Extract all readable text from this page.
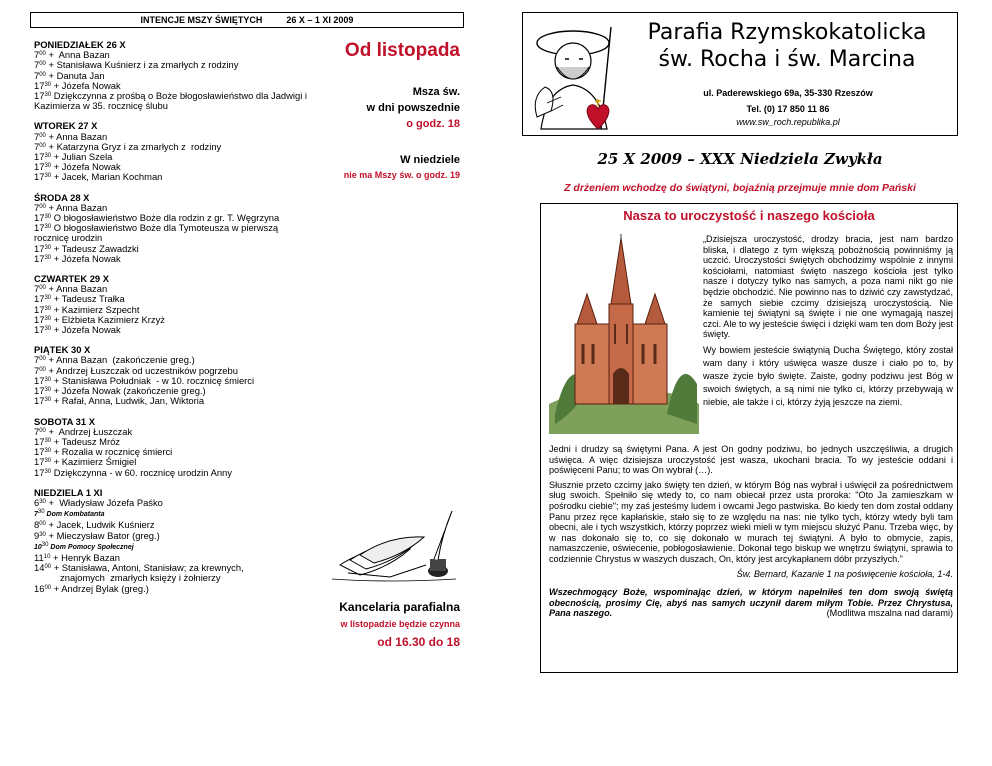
INTENCJE MSZY ŚWIĘTYCH	26 X – 1 XI 2009
PONIEDZIAŁEK 26 X
$7^{00}$ +  Anna Bazan
$7^{00}$ + Stanisława Kuśnierz i za zmarłych z rodziny
$7^{00}$ + Danuta Jan
$17^{30}$ + Józefa Nowak
$17^{30}$ Dziękczynna z prośbą o Boże błogosławieństwo dla Jadwigi i Kazimierza w 35. rocznicę ślubu
WTOREK 27 X
$7^{00}$ + Anna Bazan
$7^{00}$ + Katarzyna Gryz i za zmarłych z  rodziny
$17^{30}$ + Julian Szela
$17^{30}$ + Józefa Nowak
$17^{30}$ + Jacek, Marian Kochman
ŚRODA 28 X
$7^{00}$ + Anna Bazan
$17^{30}$ O błogosławieństwo Boże dla rodzin z gr. T. Węgrzyna
$17^{30}$ O błogosławieństwo Boże dla Tymoteusza w pierwszą rocznicę urodzin
$17^{30}$ + Tadeusz Zawadzki
$17^{30}$ + Józefa Nowak
CZWARTEK 29 X
$7^{00}$ + Anna Bazan
$17^{30}$ + Tadeusz Trałka
$17^{30}$ + Kazimierz Szpecht
$17^{30}$ + Elżbieta Kazimierz Krzyż
$17^{30}$ + Józefa Nowak
PIĄTEK 30 X
$7^{00}$ + Anna Bazan  (zakończenie greg.)
$7^{00}$ + Andrzej Łuszczak od uczestników pogrzebu
$17^{30}$ + Stanisława Południak  - w 10. rocznicę śmierci
$17^{30}$ + Józefa Nowak (zakończenie greg.)
$17^{30}$ + Rafał, Anna, Ludwik, Jan, Wiktoria
SOBOTA 31 X
$7^{00}$ +  Andrzej Łuszczak
$17^{30}$ + Tadeusz Mróz
$17^{30}$ + Rozalia w rocznicę śmierci
$17^{30}$ + Kazimierz Śmigiel
$17^{30}$ Dziękczynna - w 60. rocznicę urodzin Anny
NIEDZIELA 1 XI
$6^{30}$ +  Władysław Józefa Paśko
$7^{30}$ Dom Kombatanta
$8^{00}$ + Jacek, Ludwik Kuśnierz
$9^{30}$ + Mieczysław Bator (greg.)
$10^{30}$ Dom Pomocy Społecznej
$11^{10}$ + Henryk Bazan
$14^{00}$ + Stanisława, Antoni, Stanisław; za krewnych,
znajomych  zmarłych księży i żołnierzy
$16^{00}$ + Andrzej Bylak (greg.)
Od listopada
Msza św.
w dni powszednie
o godz. 18
W niedziele
nie ma Mszy św. o godz. 19
Kancelaria parafialna
w listopadzie będzie czynna
od 16.30 do 18
Parafia Rzymskokatolicka
św. Rocha i św. Marcina
ul. Paderewskiego 69a, 35-330 Rzeszów
Tel. (0) 17 850 11 86
www.sw_roch.republika.pl
25 X 2009 – XXX Niedziela Zwykła
Z drżeniem wchodzę do świątyni, bojaźnią przejmuje mnie dom Pański
Nasza to uroczystość i naszego kościoła

„Dzisiejsza uroczystość, drodzy bracia, jest nam bardzo bliska, i dlatego z tym większą pobożnością powinniśmy ją uczcić. Uroczystości świętych obchodzimy wspólnie z innymi kościołami, natomiast święto naszego kościoła jest tylko nasze i dotyczy tylko nas samych, a poza nami nikt go nie będzie obchodzić. Nie powinno nas to dziwić czy zawstydzać, że samych siebie czcimy dzisiejszą uroczystością. Nie kamienie tej świątyni są święte i nie one wymagają naszej czci. Ale to wy jesteście święci i dzięki wam ten dom Boży jest święty.

Wy bowiem jesteście świątynią Ducha Świętego, który został wam dany i który uświęca wasze dusze i ciało po to, by wasze życie było święte. Zaiste, godny podziwu jest Bóg w swoich świętych, a są nimi nie tylko ci, którzy przebywają w niebie, ale także i ci, którzy żyją jeszcze na ziemi.

Jedni i drudzy są świętymi Pana. A jest On godny podziwu, bo jednych uszczęśliwia, a drugich uświęca. A więc dzisiejsza uroczystość jest wasza, ukochani bracia. To wy jesteście oddani i poświęceni Panu; to was On wybrał (…).

Słusznie przeto czcimy jako święty ten dzień, w którym Bóg nas wybrał i uświęcił za pośrednictwem sług swoich. Spełniło się wtedy to, co nam obiecał przez usta proroka: "Oto Ja zamieszkam w pośrodku ciebie"; my zaś jesteśmy ludem i owcami Jego pastwiska. Bo kiedy ten dom został oddany Panu przez ręce kapłańskie, stało się to ze względu na nas: nie tylko tych, którzy wtedy byli tam obecni, ale i tych wszystkich, którzy poprzez wieki mieli w tym miejscu służyć Panu. Trzeba więc, by w nas dokonało się to, co się dokonało w murach tej świątyni. A było to obmycie, zapis, namaszczenie, oświecenie, pobłogosławienie. Dokonał tego biskup we wnętrzu świątyni, sprawia to codziennie Chrystus w waszych duszach, On, który jest arcykapłanem dóbr przyszłych.”

Św. Bernard, Kazanie 1 na poświęcenie kościoła, 1-4.

Wszechmogący Boże, wspominając dzień, w którym napełniłeś ten dom swoją świętą obecnością, prosimy Cię, abyś nas samych uczynił darem miłym Tobie. Przez Chrystusa, Pana naszego.	(Modlitwa mszalna nad darami)
